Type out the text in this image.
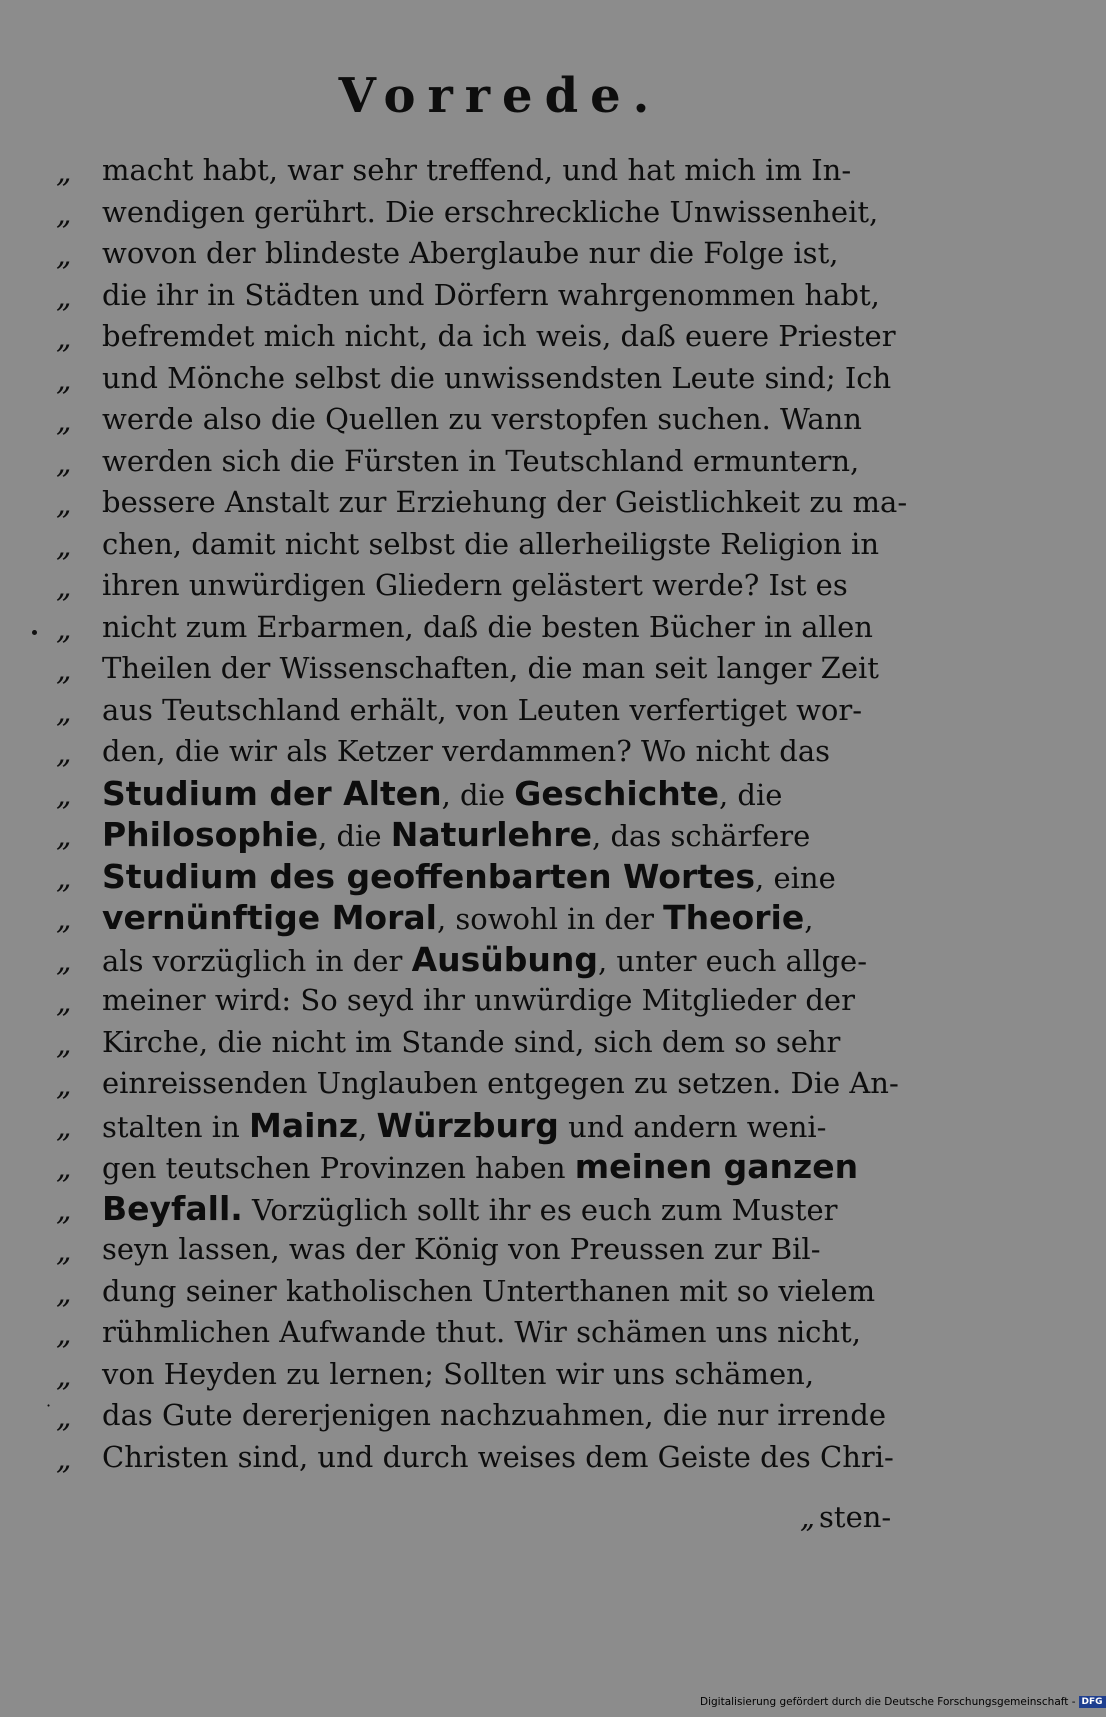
Vorrede.
·
„
„
„
„
„
„
„
„
„
„
„
„
„
„
„
„
„
„
„
„
„
„
„
„
„
„
„
„
„
„
„
„
macht habt, war sehr treffend, und hat mich im In-
wendigen gerührt. Die erschreckliche Unwissenheit,
wovon der blindeste Aberglaube nur die Folge ist,
die ihr in Städten und Dörfern wahrgenommen habt,
befremdet mich nicht, da ich weis, daß euere Priester
und Mönche selbst die unwissendsten Leute sind; Ich
werde also die Quellen zu verstopfen suchen. Wann
werden sich die Fürsten in Teutschland ermuntern,
bessere Anstalt zur Erziehung der Geistlichkeit zu ma-
chen, damit nicht selbst die allerheiligste Religion in
ihren unwürdigen Gliedern gelästert werde? Ist es
nicht zum Erbarmen, daß die besten Bücher in allen
Theilen der Wissenschaften, die man seit langer Zeit
aus Teutschland erhält, von Leuten verfertiget wor-
den, die wir als Ketzer verdammen? Wo nicht das
Studium der Alten, die Geschichte, die
Philosophie, die Naturlehre, das schärfere
Studium des geoffenbarten Wortes, eine
vernünftige Moral, sowohl in der Theorie,
als vorzüglich in der Ausübung, unter euch allge-
meiner wird: So seyd ihr unwürdige Mitglieder der
Kirche, die nicht im Stande sind, sich dem so sehr
einreissenden Unglauben entgegen zu setzen. Die An-
stalten in Mainz, Würzburg und andern weni-
gen teutschen Provinzen haben meinen ganzen
Beyfall. Vorzüglich sollt ihr es euch zum Muster
seyn lassen, was der König von Preussen zur Bil-
dung seiner katholischen Unterthanen mit so vielem
rühmlichen Aufwande thut. Wir schämen uns nicht,
von Heyden zu lernen; Sollten wir uns schämen,
das Gute dererjenigen nachzuahmen, die nur irrende
Christen sind, und durch weises dem Geiste des Chri-
„ sten-
Digitalisierung gefördert durch die Deutsche Forschungsgemeinschaft - DFG
